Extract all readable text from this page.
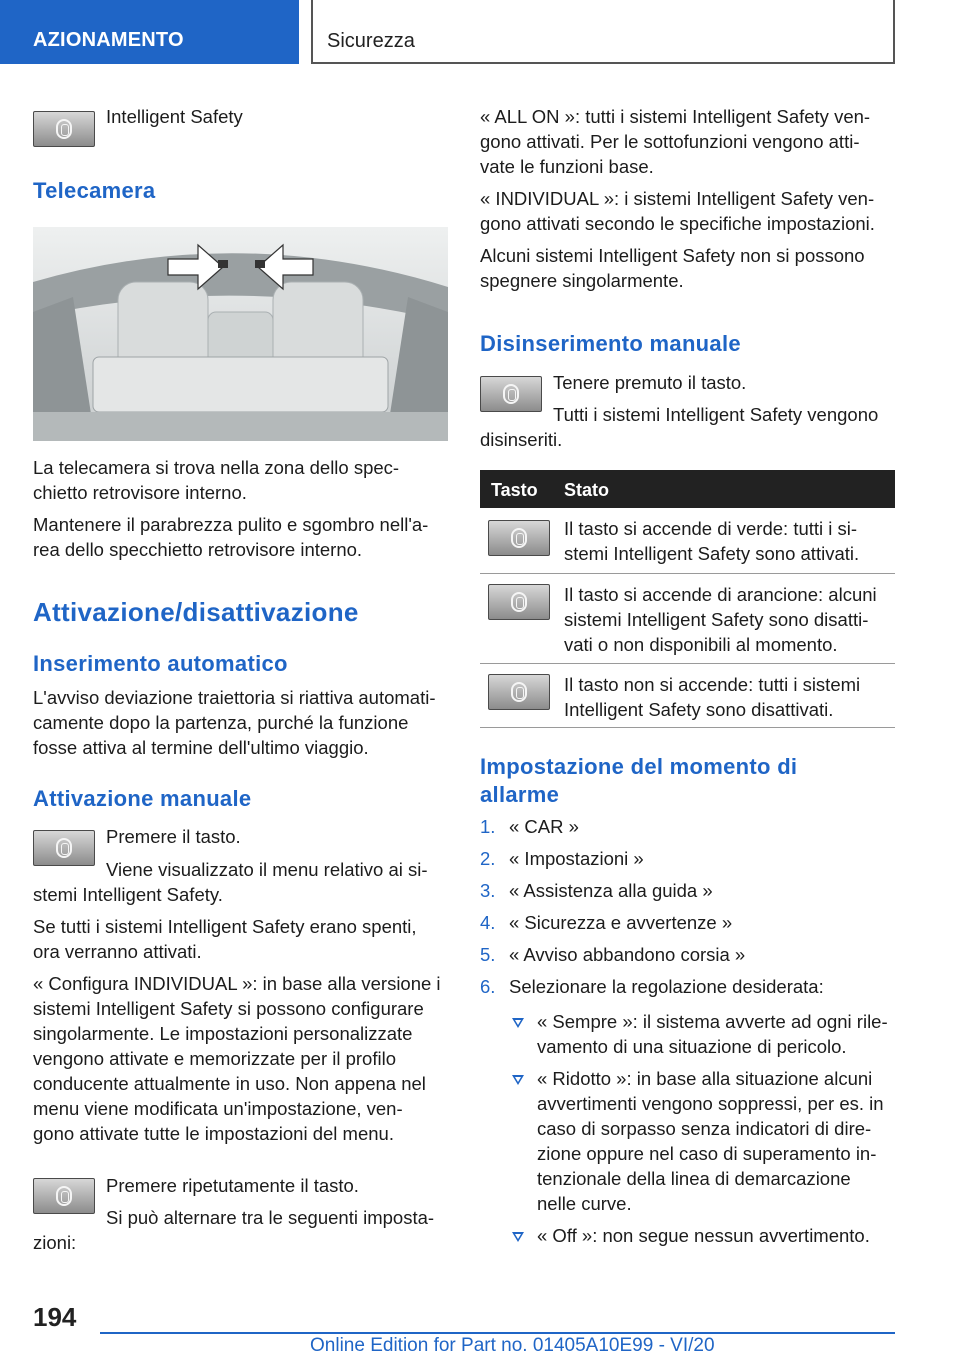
AZIONAMENTO	Sicurezza
Intelligent Safety
Telecamera
La telecamera si trova nella zona dello spec-
chietto retrovisore interno.
Mantenere il parabrezza pulito e sgombro nell'a-
rea dello specchietto retrovisore interno.
Attivazione/disattivazione
Inserimento automatico
L'avviso deviazione traiettoria si riattiva automati-
camente dopo la partenza, purché la funzione
fosse attiva al termine dell'ultimo viaggio.
Attivazione manuale
Premere il tasto.
Viene visualizzato il menu relativo ai si-
stemi Intelligent Safety.
Se tutti i sistemi Intelligent Safety erano spenti,
ora verranno attivati.
« Configura INDIVIDUAL »: in base alla versione i
sistemi Intelligent Safety si possono configurare
singolarmente. Le impostazioni personalizzate
vengono attivate e memorizzate per il profilo
conducente attualmente in uso. Non appena nel
menu viene modificata un'impostazione, ven-
gono attivate tutte le impostazioni del menu.
Premere ripetutamente il tasto.
Si può alternare tra le seguenti imposta-
zioni:
« ALL ON »: tutti i sistemi Intelligent Safety ven-
gono attivati. Per le sottofunzioni vengono atti-
vate le funzioni base.
« INDIVIDUAL »: i sistemi Intelligent Safety ven-
gono attivati secondo le specifiche impostazioni.
Alcuni sistemi Intelligent Safety non si possono
spegnere singolarmente.
Disinserimento manuale
Tenere premuto il tasto.
Tutti i sistemi Intelligent Safety vengono
disinseriti.
Tasto Stato
Il tasto si accende di verde: tutti i si-
stemi Intelligent Safety sono attivati.
Il tasto si accende di arancione: alcuni
sistemi Intelligent Safety sono disatti-
vati o non disponibili al momento.
Il tasto non si accende: tutti i sistemi
Intelligent Safety sono disattivati.
Impostazione del momento di
allarme
1. « CAR »
2. « Impostazioni »
3. « Assistenza alla guida »
4. « Sicurezza e avvertenze »
5. « Avviso abbandono corsia »
6. Selezionare la regolazione desiderata:
« Sempre »: il sistema avverte ad ogni rile-
vamento di una situazione di pericolo.
« Ridotto »: in base alla situazione alcuni
avvertimenti vengono soppressi, per es. in
caso di sorpasso senza indicatori di dire-
zione oppure nel caso di superamento in-
tenzionale della linea di demarcazione
nelle curve.
« Off »: non segue nessun avvertimento.
194
Online Edition for Part no. 01405A10E99 - VI/20
